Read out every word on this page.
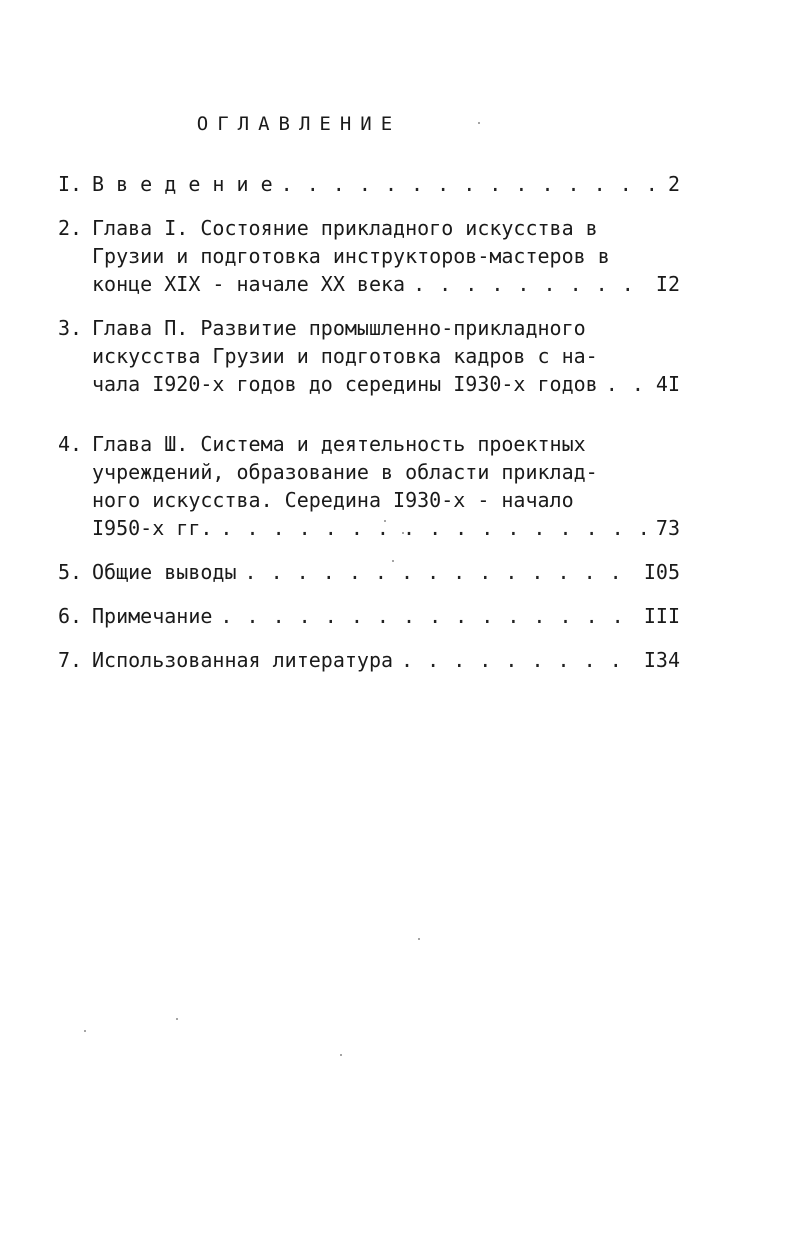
ОГЛАВЛЕНИЕ
I. В в е д е н и е . . .	2
2. Глава I. Состояние прикладного искусства в
Грузии и подготовка инструкторов-мастеров в
конце XIX - начале XX века . . .	I2
3. Глава П. Развитие промышленно-прикладного
искусства Грузии и подготовка кадров с на-
чала I920-х годов до середины I930-х годов . . .	4I
4. Глава Ш. Система и деятельность проектных
учреждений, образование в области приклад-
ного искусства. Середина I930-х - начало
I950-х гг. . . .	73
5. Общие выводы . . .	I05
6. Примечание . . .	III
7. Использованная литература . . .	I34
